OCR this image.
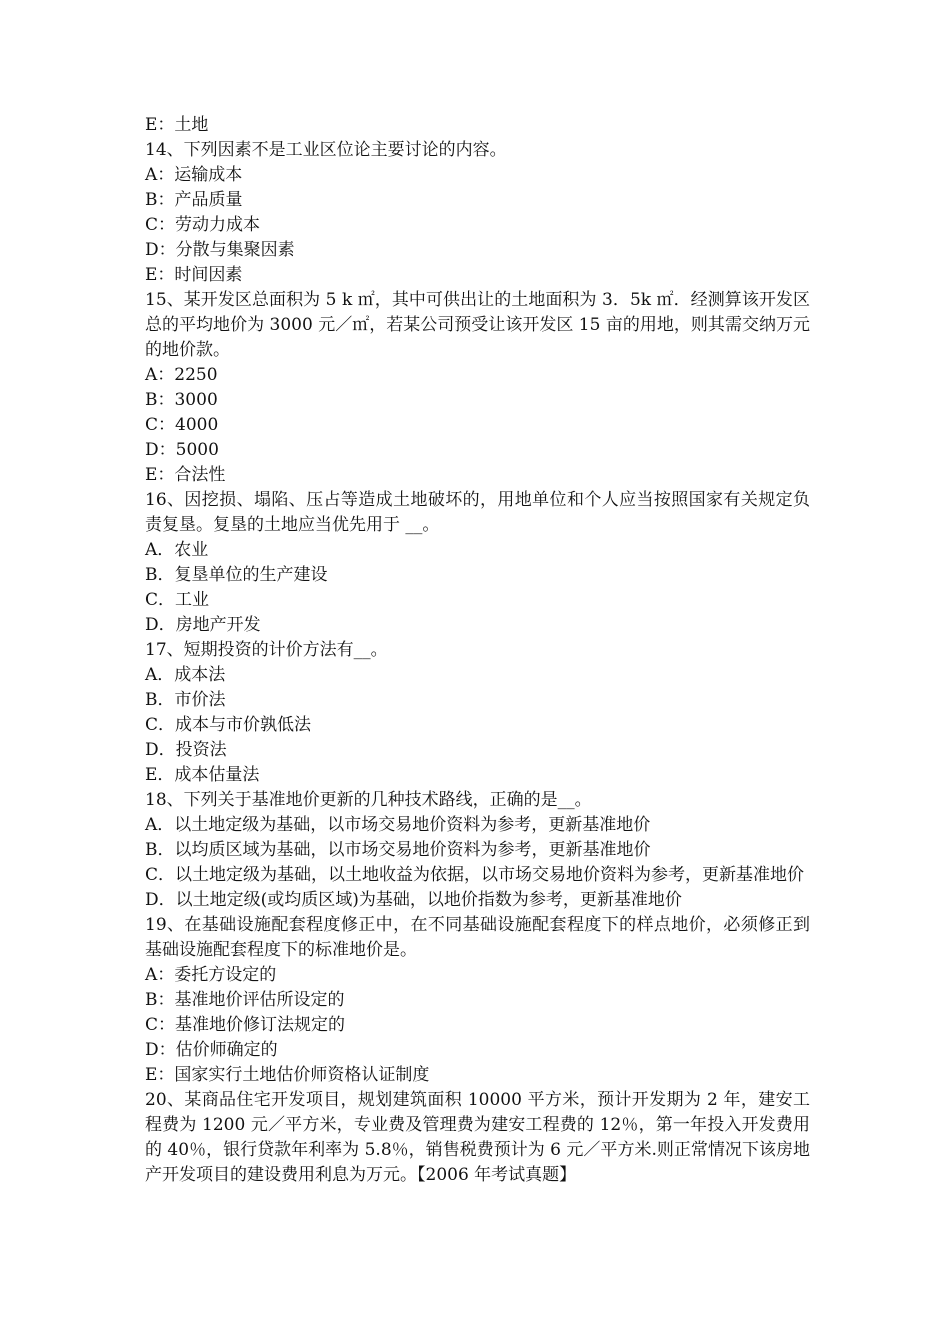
E：土地
14、下列因素不是工业区位论主要讨论的内容。
A：运输成本
B：产品质量
C：劳动力成本
D：分散与集聚因素
E：时间因素
15、某开发区总面积为 5 k ㎡，其中可供出让的土地面积为 3．5k ㎡．经测算该开发区总的平均地价为 3000 元／㎡，若某公司预受让该开发区 15 亩的用地，则其需交纳万元的地价款。
A：2250
B：3000
C：4000
D：5000
E：合法性
16、因挖损、塌陷、压占等造成土地破坏的，用地单位和个人应当按照国家有关规定负责复垦。复垦的土地应当优先用于 __。
A．农业
B．复垦单位的生产建设
C．工业
D．房地产开发
17、短期投资的计价方法有__。
A．成本法
B．市价法
C．成本与市价孰低法
D．投资法
E．成本估量法
18、下列关于基准地价更新的几种技术路线，正确的是__。
A．以土地定级为基础，以市场交易地价资料为参考，更新基准地价
B．以均质区域为基础，以市场交易地价资料为参考，更新基准地价
C．以土地定级为基础，以土地收益为依据，以市场交易地价资料为参考，更新基准地价
D．以土地定级(或均质区域)为基础，以地价指数为参考，更新基准地价
19、在基础设施配套程度修正中，在不同基础设施配套程度下的样点地价，必须修正到基础设施配套程度下的标准地价是。
A：委托方设定的
B：基准地价评估所设定的
C：基准地价修订法规定的
D：估价师确定的
E：国家实行土地估价师资格认证制度
20、某商品住宅开发项目，规划建筑面积 10000 平方米，预计开发期为 2 年，建安工程费为 1200 元／平方米，专业费及管理费为建安工程费的 12％，第一年投入开发费用的 40％，银行贷款年利率为 5.8％，销售税费预计为 6 元／平方米.则正常情况下该房地产开发项目的建设费用利息为万元。【2006 年考试真题】
